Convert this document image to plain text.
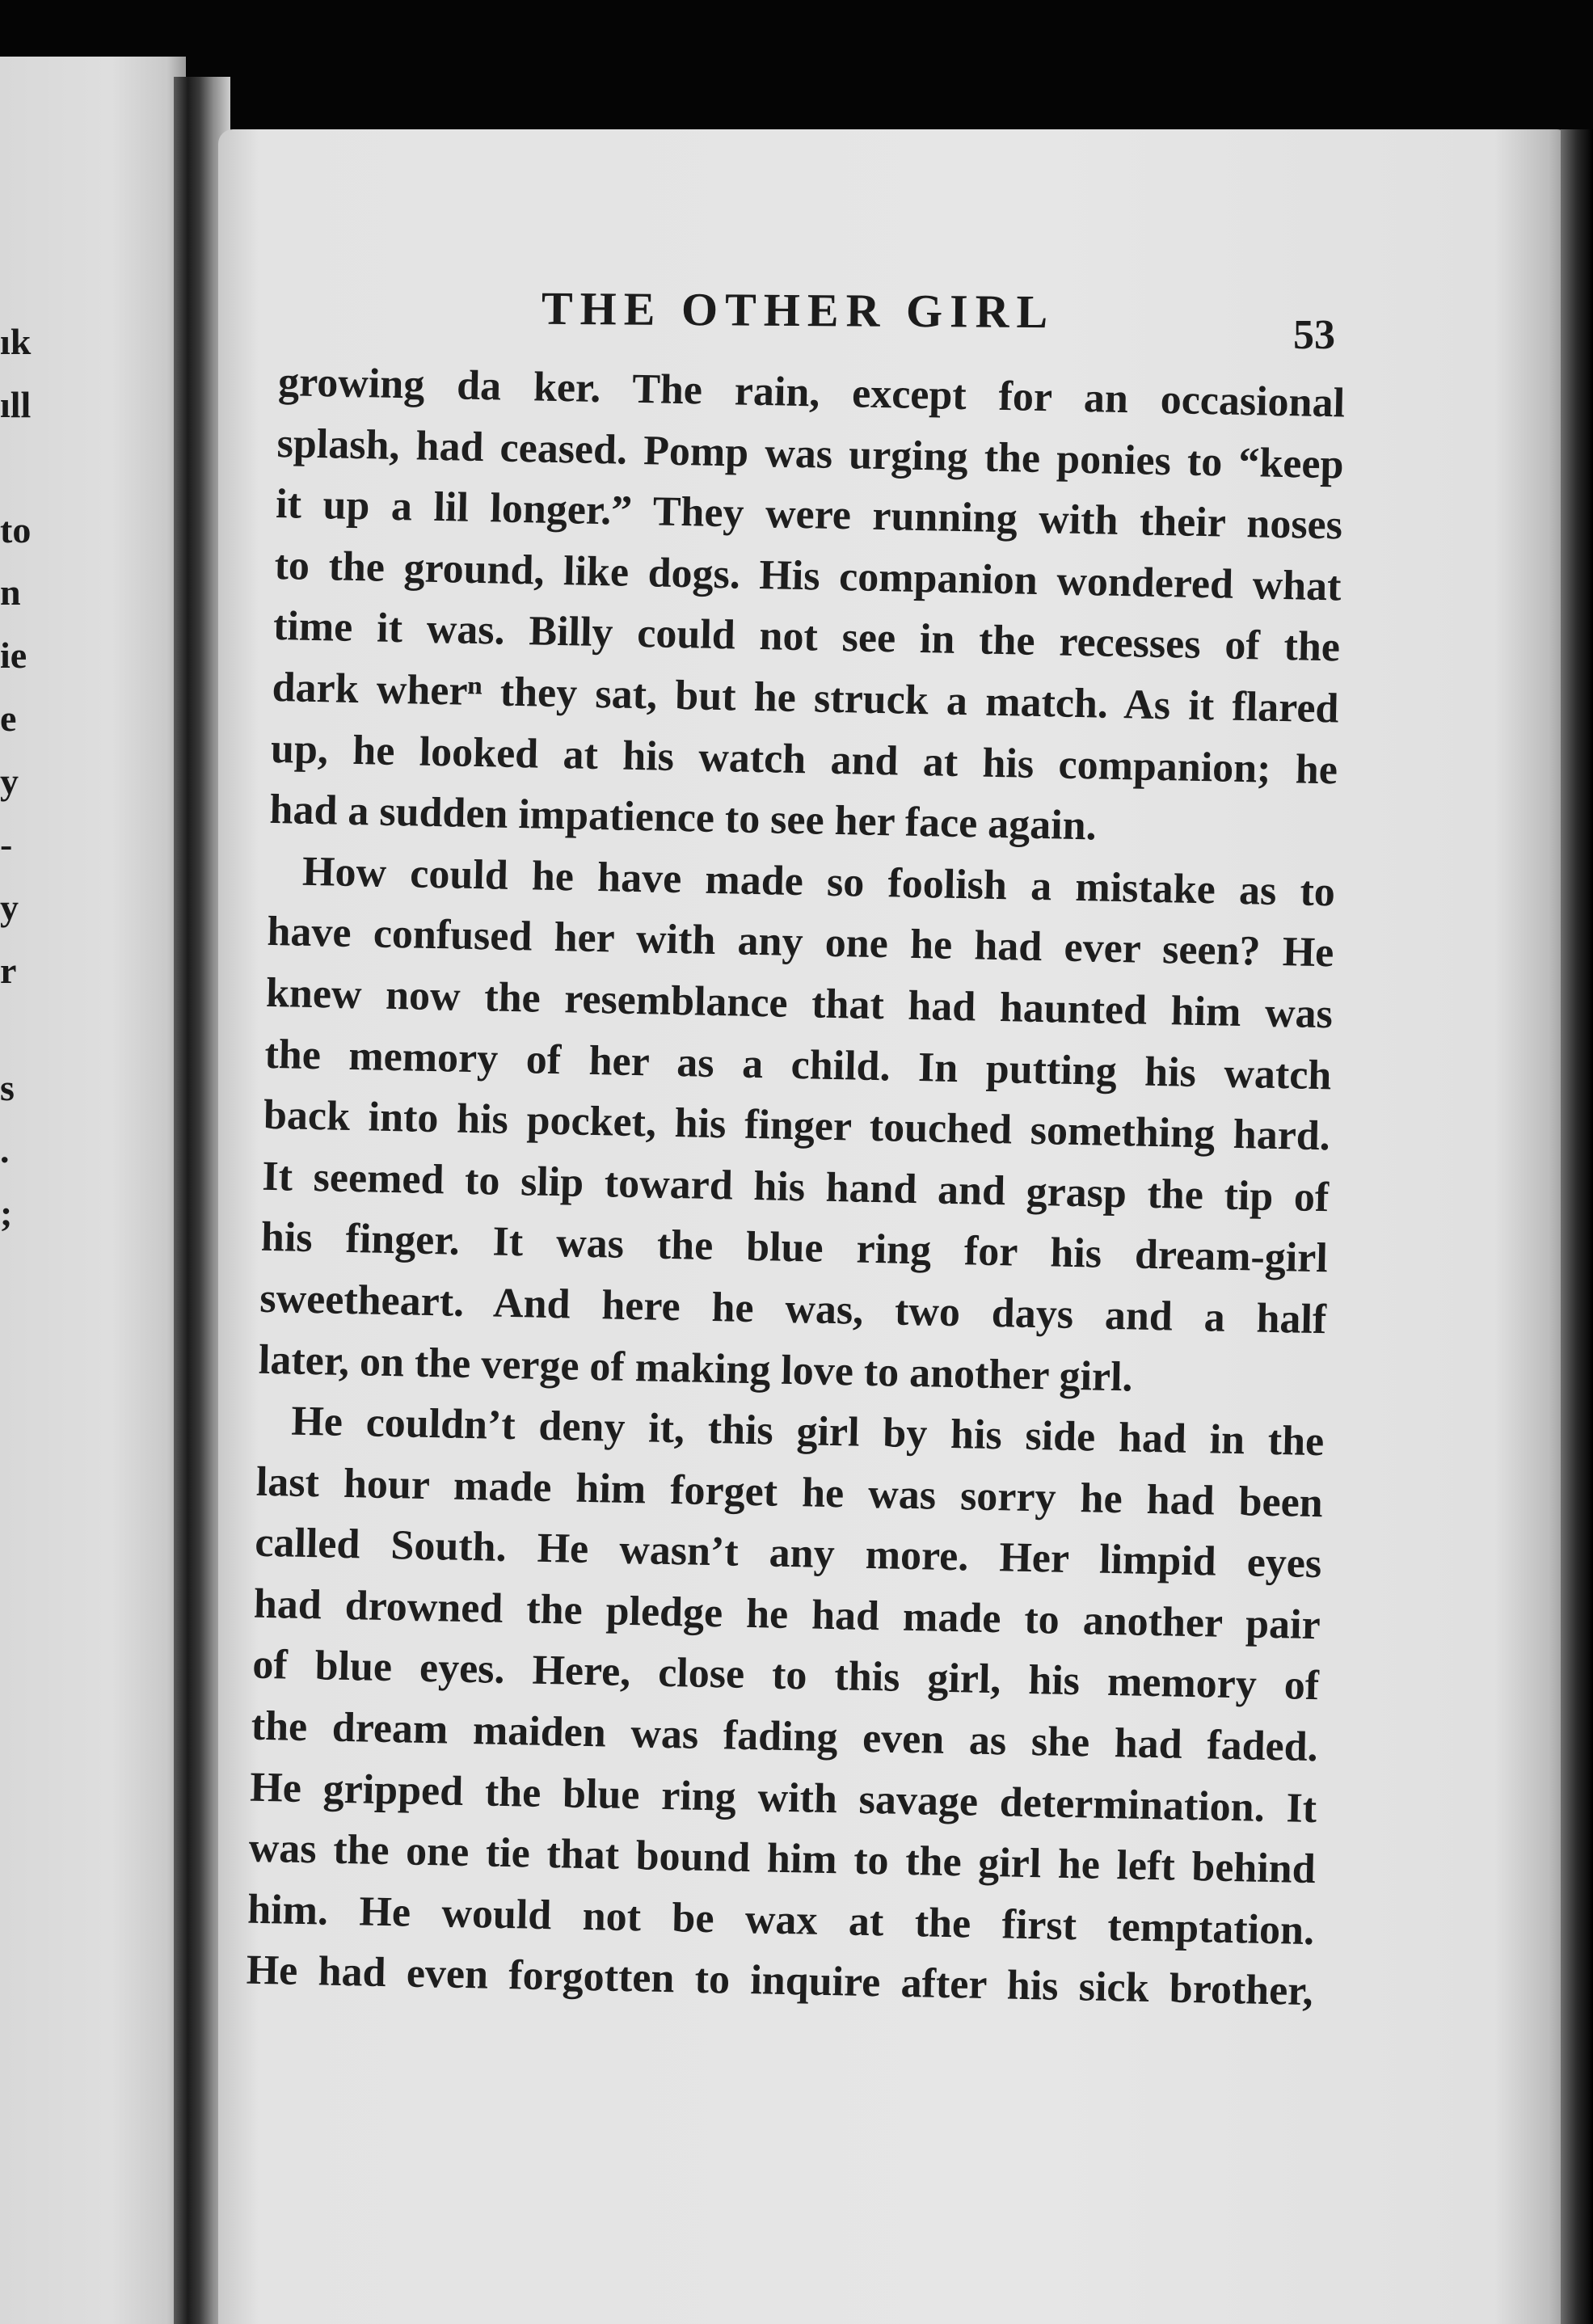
ık
ıll
to
n
ie
e
y
-
y
r
s
.
;
THE OTHER GIRL	53
growing da ker. The rain, except for an occasional
splash, had ceased. Pomp was urging the ponies to “keep
it up a lil longer.” They were running with their noses
to the ground, like dogs. His companion wondered what
time it was. Billy could not see in the recesses of the
dark wherⁿ they sat, but he struck a match. As it flared
up, he looked at his watch and at his companion; he
had a sudden impatience to see her face again.
How could he have made so foolish a mistake as to
have confused her with any one he had ever seen? He
knew now the resemblance that had haunted him was
the memory of her as a child. In putting his watch
back into his pocket, his finger touched something hard.
It seemed to slip toward his hand and grasp the tip of
his finger. It was the blue ring for his dream-girl
sweetheart. And here he was, two days and a half
later, on the verge of making love to another girl.
He couldn’t deny it, this girl by his side had in the
last hour made him forget he was sorry he had been
called South. He wasn’t any more. Her limpid eyes
had drowned the pledge he had made to another pair
of blue eyes. Here, close to this girl, his memory of
the dream maiden was fading even as she had faded.
He gripped the blue ring with savage determination. It
was the one tie that bound him to the girl he left behind
him. He would not be wax at the first temptation.
He had even forgotten to inquire after his sick brother,
